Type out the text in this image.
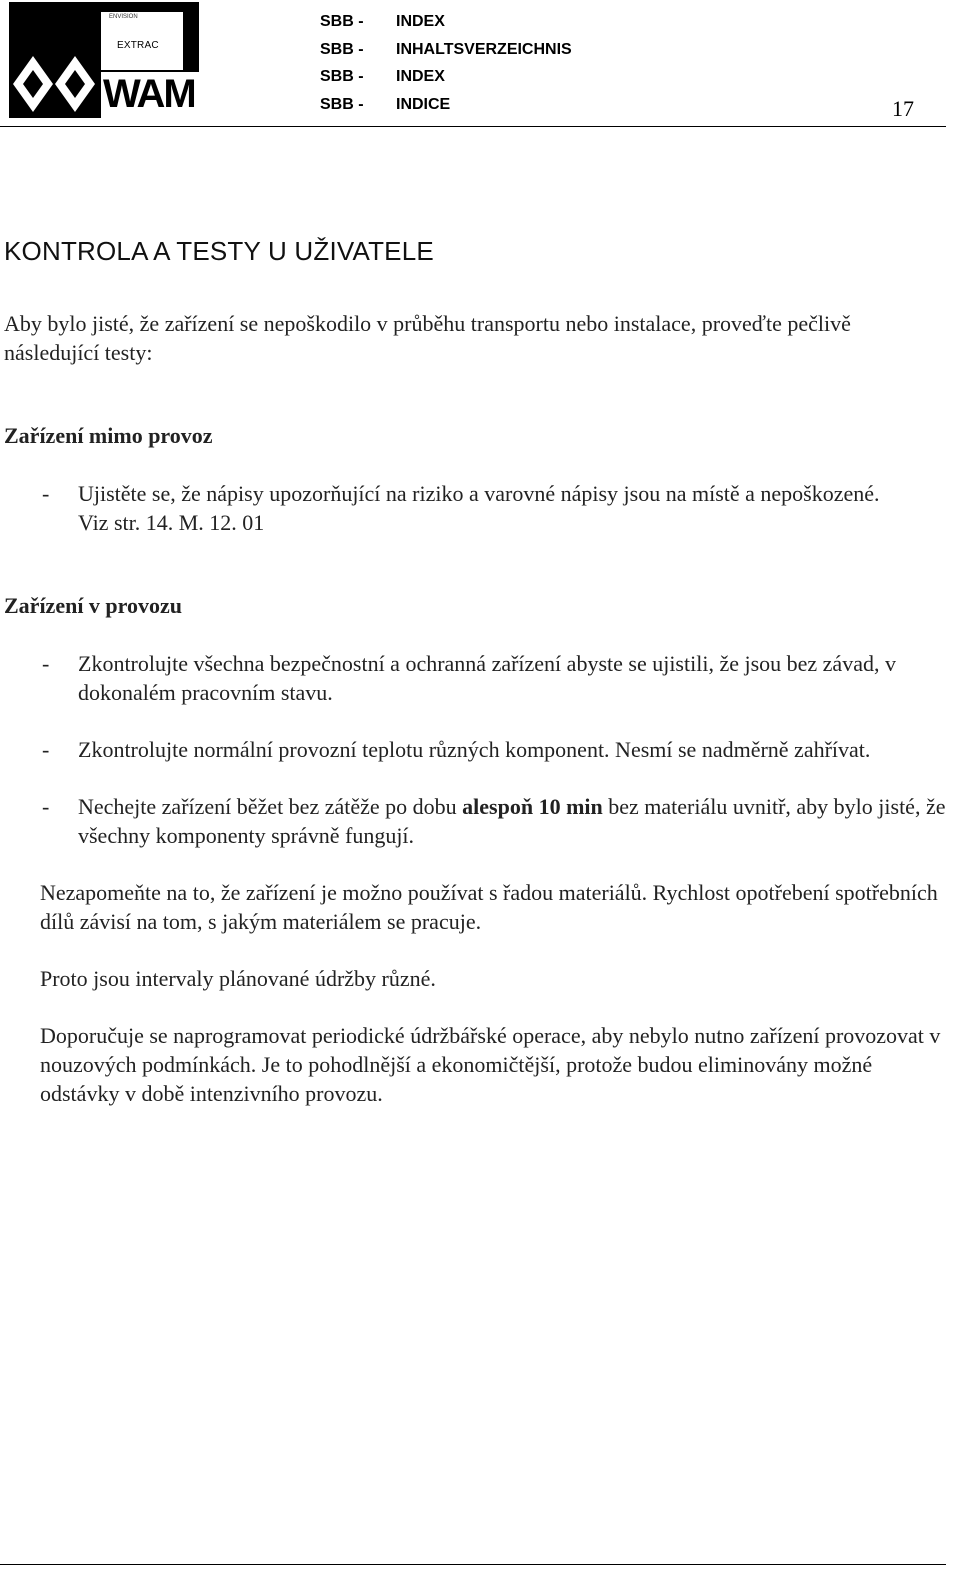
ENVISION
EXTRAC
WAM
SBB - INDEX
SBB - INHALTSVERZEICHNIS
SBB - INDEX
SBB - INDICE	17
KONTROLA A TESTY U UŽIVATELE

Aby bylo jisté, že zařízení se nepoškodilo v průběhu transportu nebo instalace, proveďte pečlivě následující testy:

Zařízení mimo provoz
- Ujistěte se, že nápisy upozorňující na riziko a varovné nápisy jsou na místě a nepoškozené.
Viz str. 14. M. 12. 01
Zařízení v provozu
- Zkontrolujte všechna bezpečnostní a ochranná zařízení abyste se ujistili, že jsou bez závad, v dokonalém pracovním stavu.
- Zkontrolujte normální provozní teplotu různých komponent. Nesmí se nadměrně zahřívat.
- Nechejte zařízení běžet bez zátěže po dobu alespoň 10 min bez materiálu uvnitř, aby bylo jisté, že všechny komponenty správně fungují.

Nezapomeňte na to, že zařízení je možno používat s řadou materiálů. Rychlost opotřebení spotřebních dílů závisí na tom, s jakým materiálem se pracuje.

Proto jsou intervaly plánované údržby různé.

Doporučuje se naprogramovat periodické údržbářské operace, aby nebylo nutno zařízení provozovat v nouzových podmínkách. Je to pohodlnější a ekonomičtější, protože budou eliminovány možné odstávky v době intenzivního provozu.
